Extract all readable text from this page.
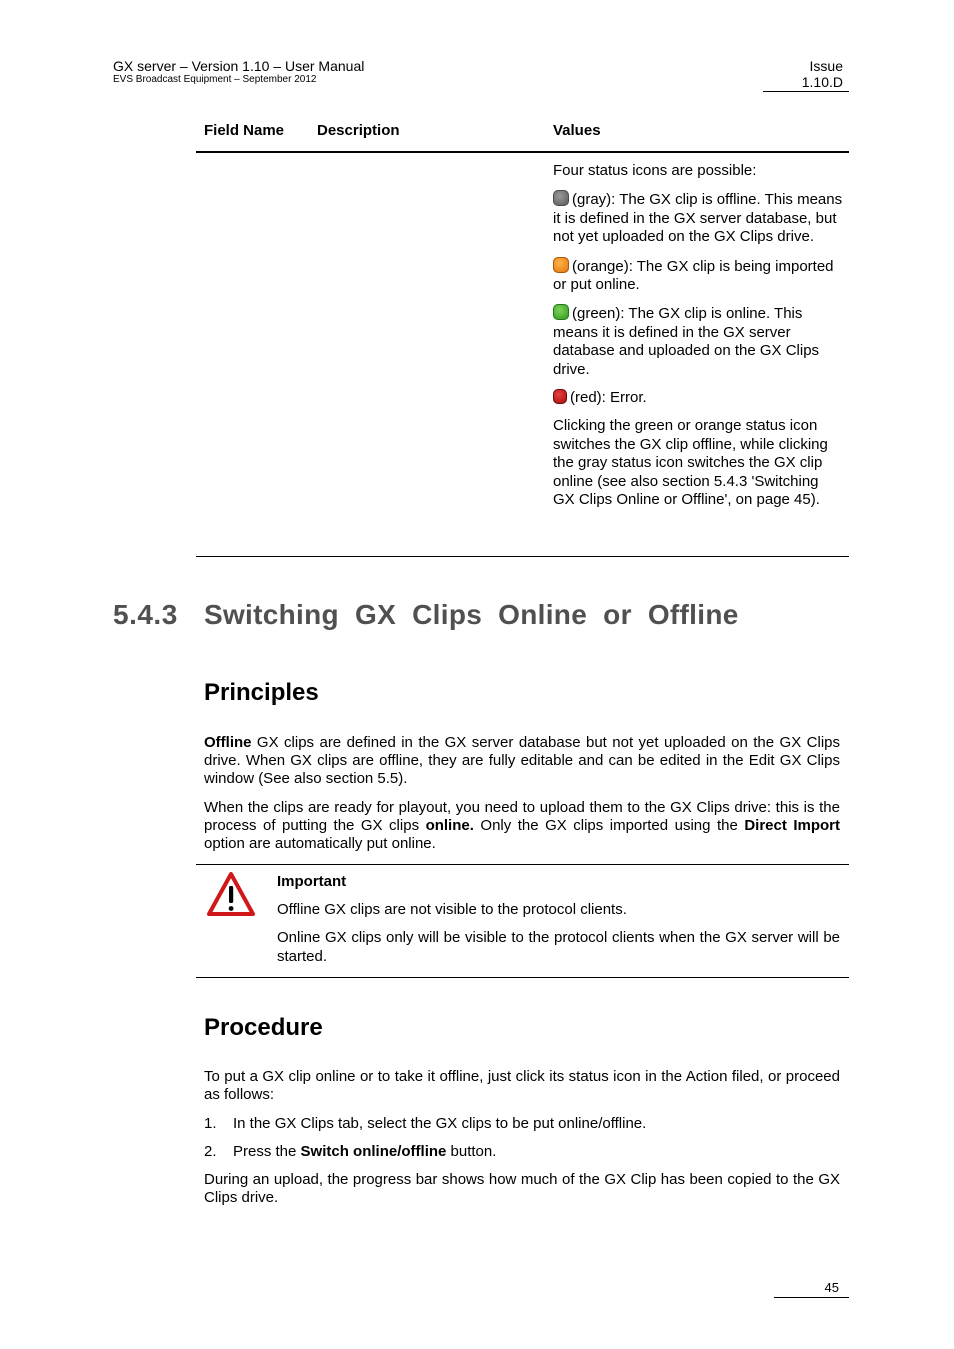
GX server – Version 1.10 – User Manual
EVS Broadcast Equipment – September 2012
Issue
1.10.D
Field Name Description	Values

Four status icons are possible:

(gray): The GX clip is offline. This means it is defined in the GX server database, but not yet uploaded on the GX Clips drive.

(orange): The GX clip is being imported or put online.

(green): The GX clip is online. This means it is defined in the GX server database and uploaded on the GX Clips drive.

(red): Error.

Clicking the green or orange status icon switches the GX clip offline, while clicking the gray status icon switches the GX clip online (see also section 5.4.3 'Switching GX Clips Online or Offline', on page 45).

5.4.3 Switching GX Clips Online or Offline
Principles

Offline GX clips are defined in the GX server database but not yet uploaded on the GX Clips drive. When GX clips are offline, they are fully editable and can be edited in the Edit GX Clips window (See also section 5.5).

When the clips are ready for playout, you need to upload them to the GX Clips drive: this is the process of putting the GX clips online. Only the GX clips imported using the Direct Import option are automatically put online.

Important

Offline GX clips are not visible to the protocol clients.

Online GX clips only will be visible to the protocol clients when the GX server will be started.

Procedure
To put a GX clip online or to take it offline, just click its status icon in the Action filed, or proceed as follows:
1. In the GX Clips tab, select the GX clips to be put online/offline.
2. Press the Switch online/offline button.
During an upload, the progress bar shows how much of the GX Clip has been copied to the GX Clips drive.
45
